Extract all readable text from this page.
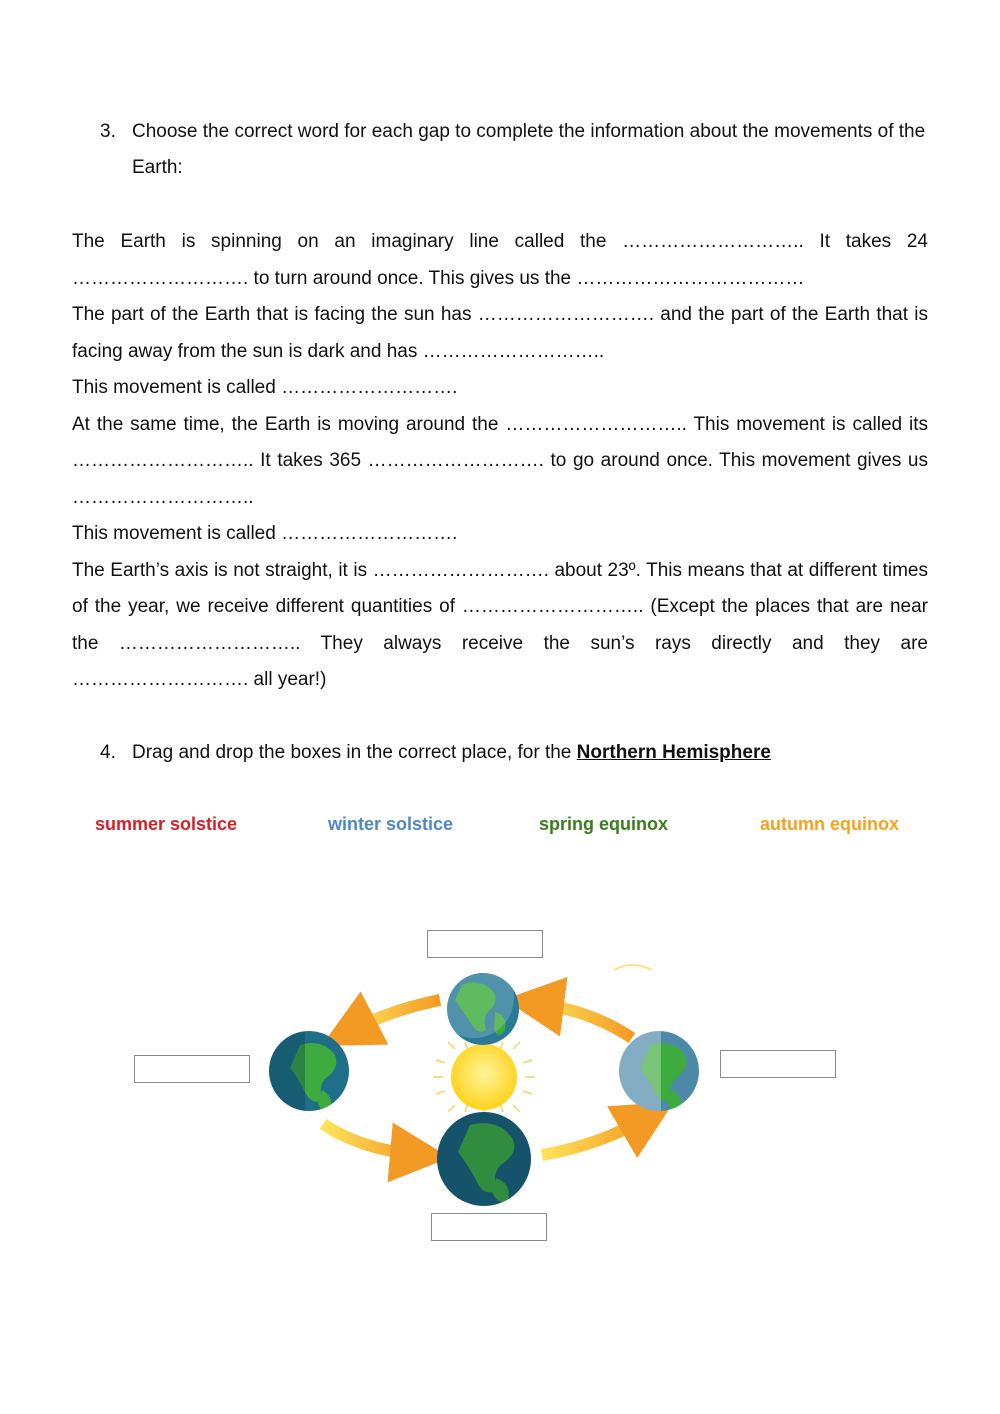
3. Choose the correct word for each gap to complete the information about the movements of the Earth:

The Earth is spinning on an imaginary line called the ……………………….. It takes 24 ………………………. to turn around once. This gives us the ………………………………

The part of the Earth that is facing the sun has ………………………. and the part of the Earth that is facing away from the sun is dark and has ………………………..

This movement is called ……………………….

At the same time, the Earth is moving around the ……………………….. This movement is called its ……………………….. It takes 365 ………………………. to go around once. This movement gives us ………………………..

This movement is called ……………………….

The Earth’s axis is not straight, it is ………………………. about 23º. This means that at different times of the year, we receive different quantities of ……………………….. (Except the places that are near the ……………………….. They always receive the sun’s rays directly and they are ………………………. all year!)

4. Drag and drop the boxes in the correct place, for the Northern Hemisphere
summer solstice	winter solstice	spring equinox	autumn equinox
